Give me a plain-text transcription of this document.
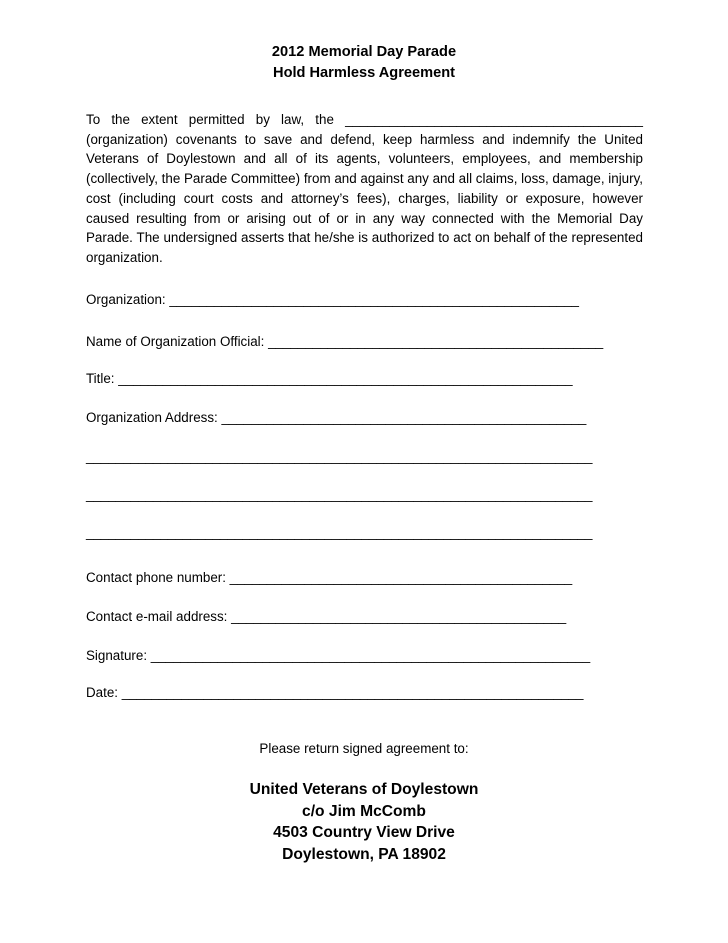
2012 Memorial Day Parade
Hold Harmless Agreement
To the extent permitted by law, the ________________________________________ (organization) covenants to save and defend, keep harmless and indemnify the United Veterans of Doylestown and all of its agents, volunteers, employees, and membership (collectively, the Parade Committee) from and against any and all claims, loss, damage, injury, cost (including court costs and attorney’s fees), charges, liability or exposure, however caused resulting from or arising out of or in any way connected with the Memorial Day Parade. The undersigned asserts that he/she is authorized to act on behalf of the represented organization.
Organization: _______________________________________________________
Name of Organization Official: _____________________________________________
Title: _____________________________________________________________
Organization Address: _________________________________________________
____________________________________________________________________
____________________________________________________________________
____________________________________________________________________
Contact phone number: ______________________________________________
Contact e-mail address: _____________________________________________
Signature: ___________________________________________________________
Date: ______________________________________________________________
Please return signed agreement to:
United Veterans of Doylestown
c/o Jim McComb
4503 Country View Drive
Doylestown, PA 18902
